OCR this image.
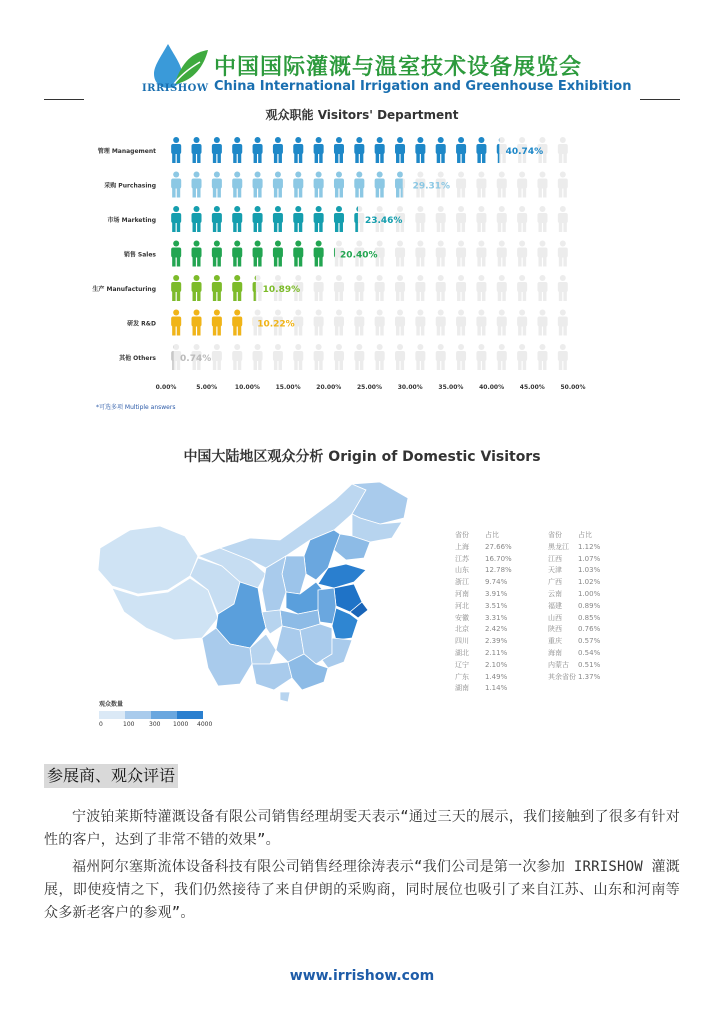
IRRISHOW
中国国际灌溉与温室技术设备展览会
China International Irrigation and Greenhouse Exhibition
观众职能 Visitors' Department
管理 Management	40.74%
采购 Purchasing	29.31%
市场 Marketing	23.46%
销售 Sales	20.40%
生产 Manufacturing	10.89%
研发 R&D	10.22%
其他 Others	0.74%
0.00%	5.00%	10.00%	15.00%	20.00%	25.00%	30.00%	35.00%	40.00%	45.00%	50.00%
*可选多项 Multiple answers
中国大陆地区观众分析 Origin of Domestic Visitors
观众数量
0	100 300 1000 4000
省份	占比
上海	27.66%
江苏	16.70%
山东	12.78%
浙江	9.74%
河南	3.91%
河北	3.51%
安徽	3.31%
北京	2.42%
四川	2.39%
湖北	2.11%
辽宁	2.10%
广东	1.49%
湖南	1.14%
省份	占比
黑龙江	1.12%
江西	1.07%
天津	1.03%
广西	1.02%
云南	1.00%
福建	0.89%
山西	0.85%
陕西	0.76%
重庆	0.57%
海南	0.54%
内蒙古	0.51%
其余省份 1.37%
参展商、观众评语
宁波铂莱斯特灌溉设备有限公司销售经理胡雯天表示“通过三天的展示，我们接触到了很多有针对性的客户，达到了非常不错的效果”。
福州阿尔塞斯流体设备科技有限公司销售经理徐涛表示“我们公司是第一次参加 IRRISHOW 灌溉展，即使疫情之下，我们仍然接待了来自伊朗的采购商，同时展位也吸引了来自江苏、山东和河南等众多新老客户的参观”。
www.irrishow.com
